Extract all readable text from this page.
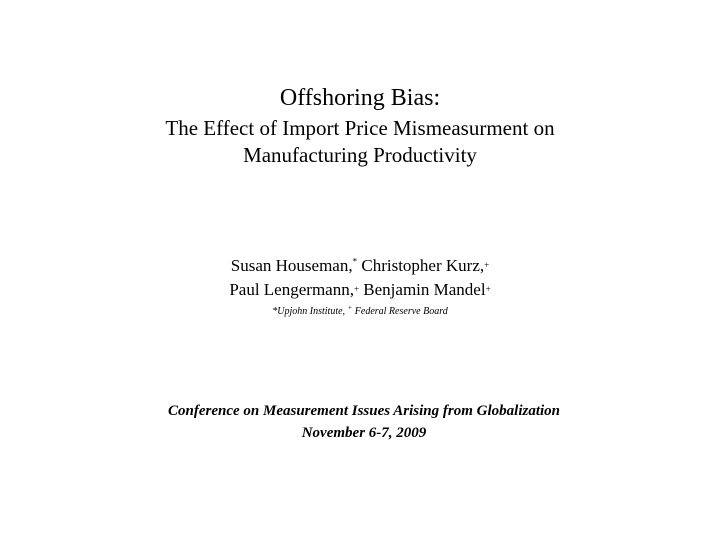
Offshoring Bias:

The Effect of Import Price Mismeasurment on

Manufacturing Productivity

Susan Houseman,* Christopher Kurz,+

Paul Lengermann,+ Benjamin Mandel+

*Upjohn Institute, + Federal Reserve Board

Conference on Measurement Issues Arising from Globalization

November 6-7, 2009
